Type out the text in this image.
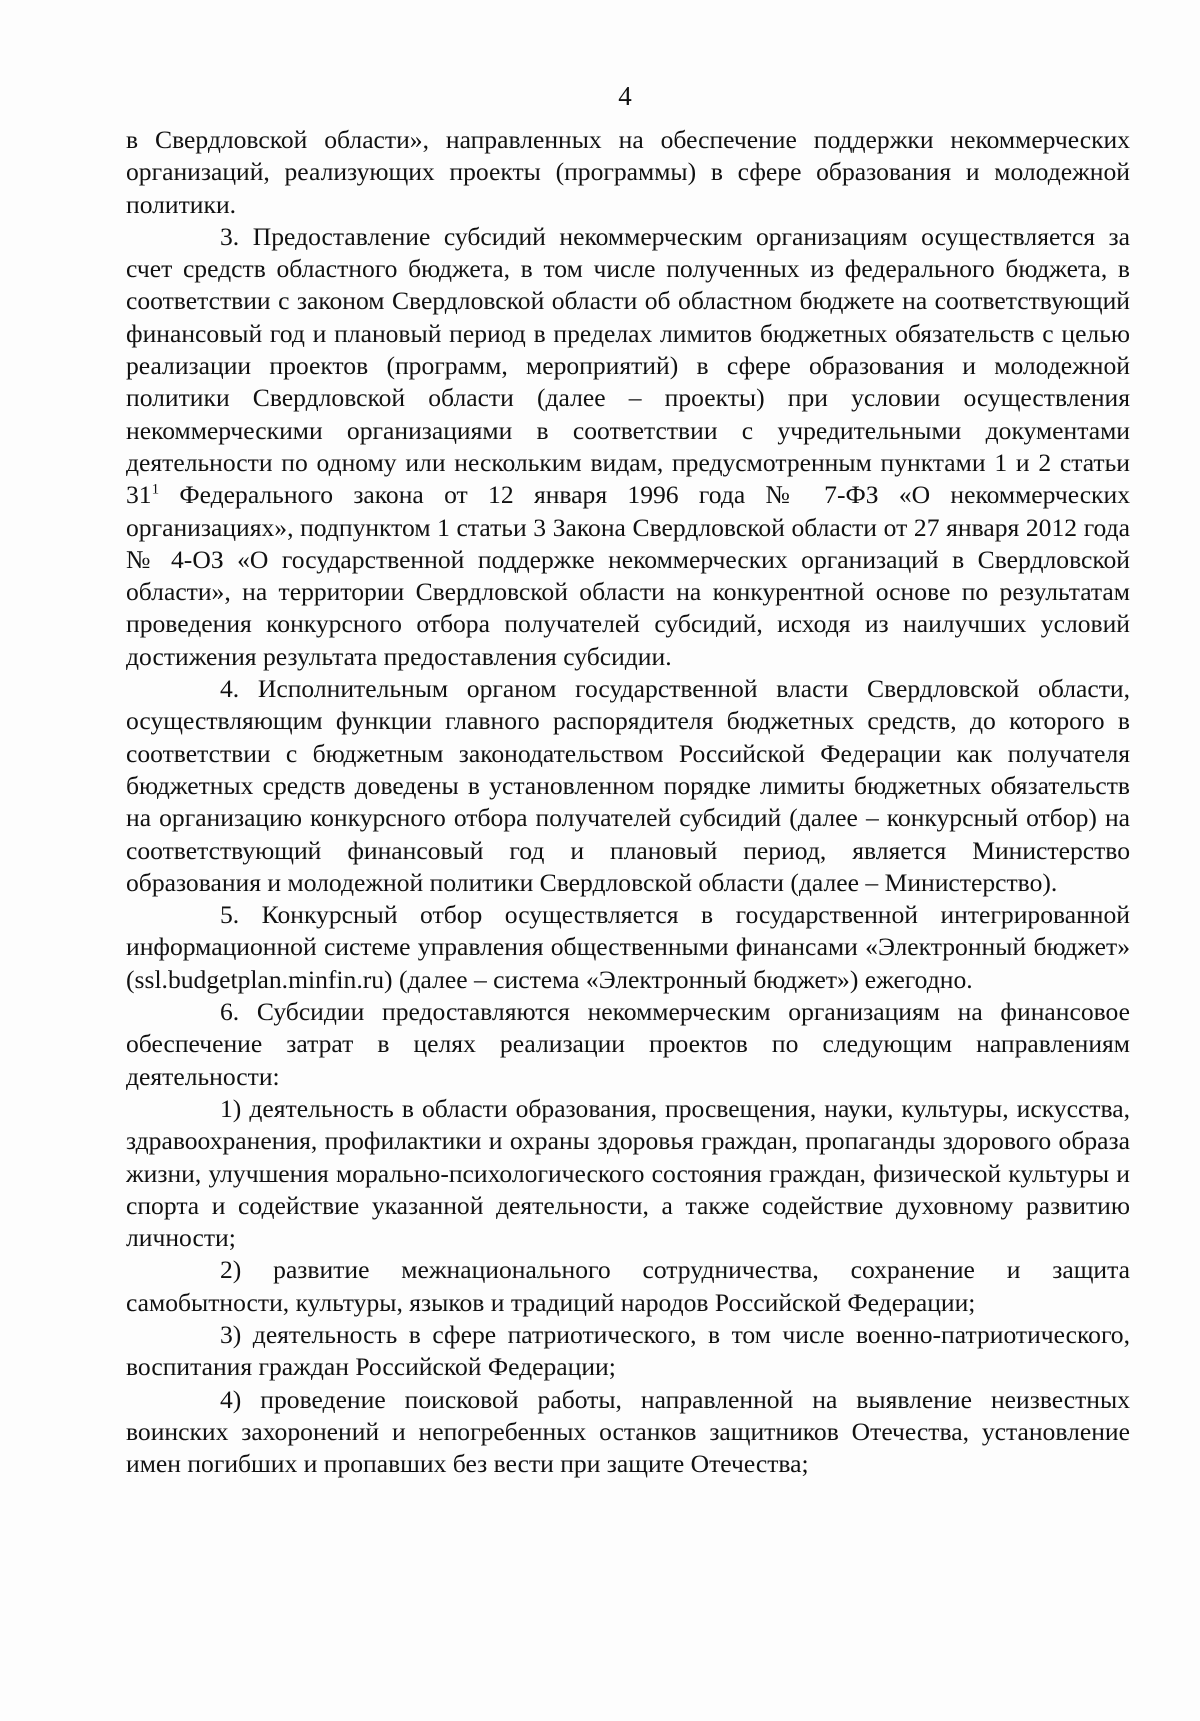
4

в Свердловской области», направленных на обеспечение поддержки некоммерческих организаций, реализующих проекты (программы) в сфере образования и молодежной политики.

3. Предоставление субсидий некоммерческим организациям осуществляется за счет средств областного бюджета, в том числе полученных из федерального бюджета, в соответствии с законом Свердловской области об областном бюджете на соответствующий финансовый год и плановый период в пределах лимитов бюджетных обязательств с целью реализации проектов (программ, мероприятий) в сфере образования и молодежной политики Свердловской области (далее – проекты) при условии осуществления некоммерческими организациями в соответствии с учредительными документами деятельности по одному или нескольким видам, предусмотренным пунктами 1 и 2 статьи $31^1$ Федерального закона от 12 января 1996 года № 7-ФЗ «О некоммерческих организациях», подпунктом 1 статьи 3 Закона Свердловской области от 27 января 2012 года № 4-ОЗ «О государственной поддержке некоммерческих организаций в Свердловской области», на территории Свердловской области на конкурентной основе по результатам проведения конкурсного отбора получателей субсидий, исходя из наилучших условий достижения результата предоставления субсидии.

4. Исполнительным органом государственной власти Свердловской области, осуществляющим функции главного распорядителя бюджетных средств, до которого в соответствии с бюджетным законодательством Российской Федерации как получателя бюджетных средств доведены в установленном порядке лимиты бюджетных обязательств на организацию конкурсного отбора получателей субсидий (далее – конкурсный отбор) на соответствующий финансовый год и плановый период, является Министерство образования и молодежной политики Свердловской области (далее – Министерство).

5. Конкурсный отбор осуществляется в государственной интегрированной информационной системе управления общественными финансами «Электронный бюджет» (ssl.budgetplan.minfin.ru) (далее – система «Электронный бюджет») ежегодно.

6. Субсидии предоставляются некоммерческим организациям на финансовое обеспечение затрат в целях реализации проектов по следующим направлениям деятельности:

1) деятельность в области образования, просвещения, науки, культуры, искусства, здравоохранения, профилактики и охраны здоровья граждан, пропаганды здорового образа жизни, улучшения морально-психологического состояния граждан, физической культуры и спорта и содействие указанной деятельности, а также содействие духовному развитию личности;

2) развитие межнационального сотрудничества, сохранение и защита самобытности, культуры, языков и традиций народов Российской Федерации;

3) деятельность в сфере патриотического, в том числе военно-патриотического, воспитания граждан Российской Федерации;

4) проведение поисковой работы, направленной на выявление неизвестных воинских захоронений и непогребенных останков защитников Отечества, установление имен погибших и пропавших без вести при защите Отечества;
